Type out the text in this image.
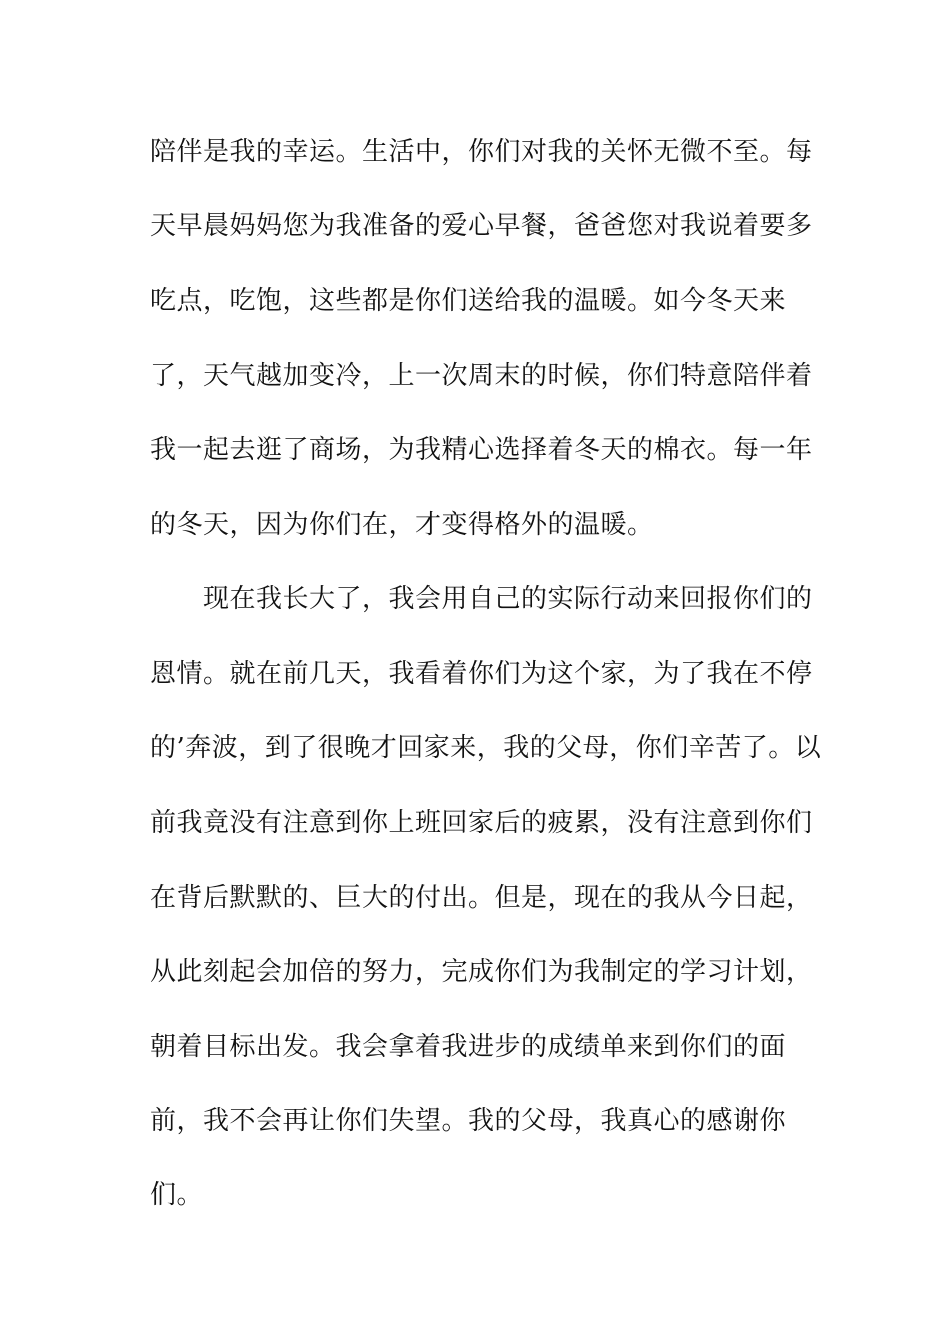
陪伴是我的幸运。生活中，你们对我的关怀无微不至。每
天早晨妈妈您为我准备的爱心早餐，爸爸您对我说着要多
吃点，吃饱，这些都是你们送给我的温暖。如今冬天来
了，天气越加变冷，上一次周末的时候，你们特意陪伴着
我一起去逛了商场，为我精心选择着冬天的棉衣。每一年
的冬天，因为你们在，才变得格外的温暖。
现在我长大了，我会用自己的实际行动来回报你们的
恩情。就在前几天，我看着你们为这个家，为了我在不停
的’奔波，到了很晚才回家来，我的父母，你们辛苦了。以
前我竟没有注意到你上班回家后的疲累，没有注意到你们
在背后默默的、巨大的付出。但是，现在的我从今日起，
从此刻起会加倍的努力，完成你们为我制定的学习计划，
朝着目标出发。我会拿着我进步的成绩单来到你们的面
前，我不会再让你们失望。我的父母，我真心的感谢你
们。
